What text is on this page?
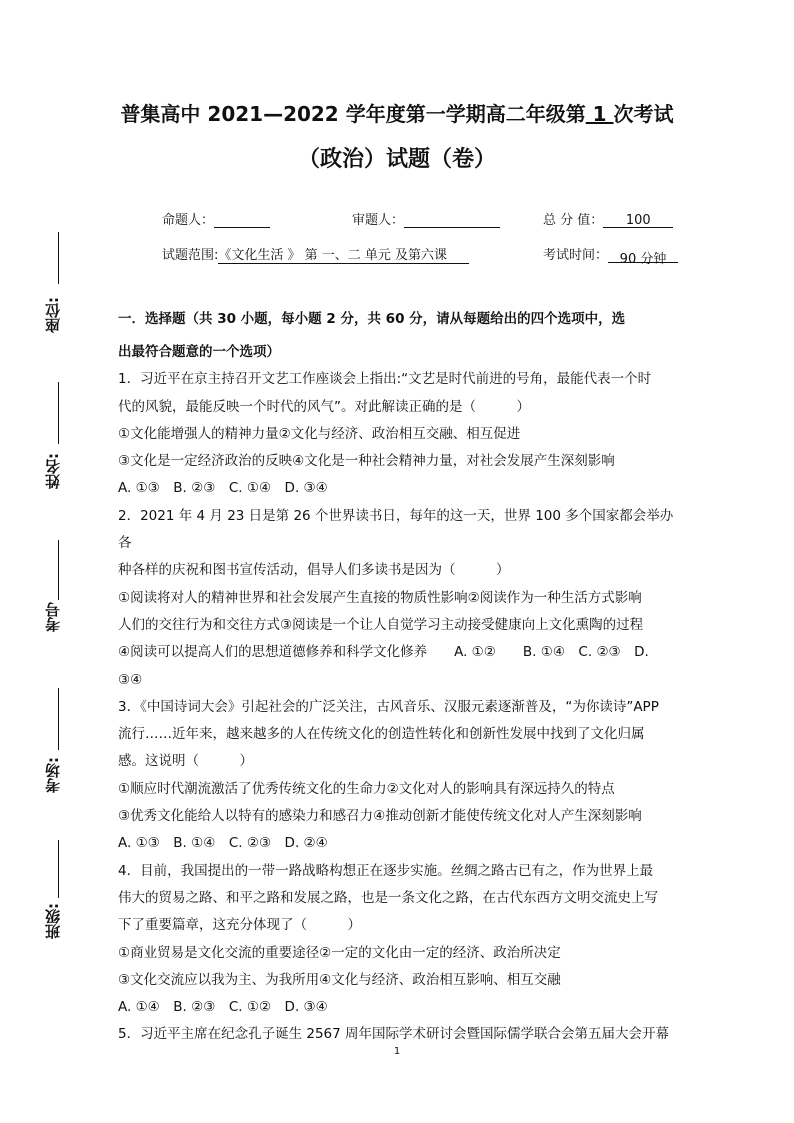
普集高中 2021—2022 学年度第一学期高二年级第 1 次考试
（政治）试题（卷）
命题人：	审题人：	总 分 值： 100
试题范围:《文化生活 》 第 一、二 单元 及第六课	考试时间： 90 分钟
座位:
姓名:
考号
考场:
班级:

一．选择题（共 30 小题，每小题 2 分，共 60 分，请从每题给出的四个选项中，选

出最符合题意的一个选项）

1．习近平在京主持召开文艺工作座谈会上指出:“文艺是时代前进的号角，最能代表一个时

代的风貌，最能反映一个时代的风气”。对此解读正确的是（　　　）

①文化能增强人的精神力量②文化与经济、政治相互交融、相互促进

③文化是一定经济政治的反映④文化是一种社会精神力量，对社会发展产生深刻影响

A. ①③　B. ②③　C. ①④　D. ③④

2．2021 年 4 月 23 日是第 26 个世界读书日，每年的这一天，世界 100 多个国家都会举办各

种各样的庆祝和图书宣传活动，倡导人们多读书是因为（　　　）

①阅读将对人的精神世界和社会发展产生直接的物质性影响②阅读作为一种生活方式影响

人们的交往行为和交往方式③阅读是一个让人自觉学习主动接受健康向上文化熏陶的过程

④阅读可以提高人们的思想道德修养和科学文化修养　　A. ①②　　B. ①④　C. ②③　D.

③④

3．《中国诗词大会》引起社会的广泛关注，古风音乐、汉服元素逐渐普及，“为你读诗”APP

流行……近年来，越来越多的人在传统文化的创造性转化和创新性发展中找到了文化归属

感。这说明（　　　）

①顺应时代潮流激活了优秀传统文化的生命力②文化对人的影响具有深远持久的特点

③优秀文化能给人以特有的感染力和感召力④推动创新才能使传统文化对人产生深刻影响

A. ①③　B. ①④　C. ②③　D. ②④

4．目前，我国提出的一带一路战略构想正在逐步实施。丝绸之路古已有之，作为世界上最

伟大的贸易之路、和平之路和发展之路，也是一条文化之路，在古代东西方文明交流史上写

下了重要篇章，这充分体现了（　　　）

①商业贸易是文化交流的重要途径②一定的文化由一定的经济、政治所决定

③文化交流应以我为主、为我所用④文化与经济、政治相互影响、相互交融

A. ①④　B. ②③　C. ①②　D. ③④

5．习近平主席在纪念孔子诞生 2567 周年国际学术研讨会暨国际儒学联合会第五届大会开幕

1
